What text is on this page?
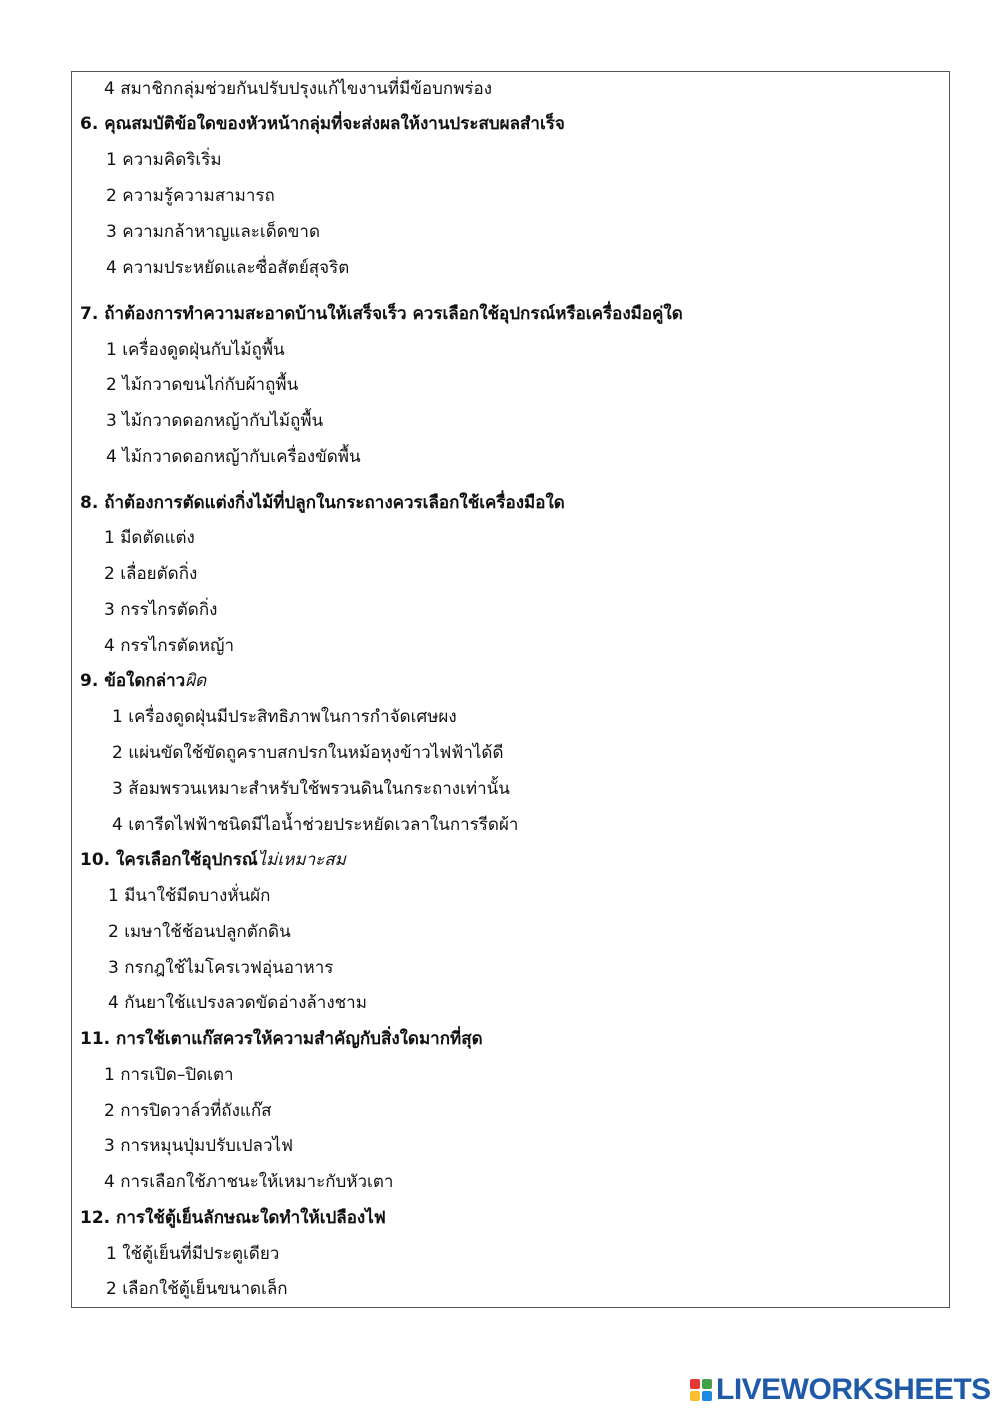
4 สมาชิกกลุ่มช่วยกันปรับปรุงแก้ไขงานที่มีข้อบกพร่อง
6. คุณสมบัติข้อใดของหัวหน้ากลุ่มที่จะส่งผลให้งานประสบผลสำเร็จ
1 ความคิดริเริ่ม
2 ความรู้ความสามารถ
3 ความกล้าหาญและเด็ดขาด
4 ความประหยัดและซื่อสัตย์สุจริต
7. ถ้าต้องการทำความสะอาดบ้านให้เสร็จเร็ว ควรเลือกใช้อุปกรณ์หรือเครื่องมือคู่ใด
1 เครื่องดูดฝุ่นกับไม้ถูพื้น
2 ไม้กวาดขนไก่กับผ้าถูพื้น
3 ไม้กวาดดอกหญ้ากับไม้ถูพื้น
4 ไม้กวาดดอกหญ้ากับเครื่องขัดพื้น
8. ถ้าต้องการตัดแต่งกิ่งไม้ที่ปลูกในกระถางควรเลือกใช้เครื่องมือใด
1 มีดตัดแต่ง
2 เลื่อยตัดกิ่ง
3 กรรไกรตัดกิ่ง
4 กรรไกรตัดหญ้า
9. ข้อใดกล่าวผิด
1 เครื่องดูดฝุ่นมีประสิทธิภาพในการกำจัดเศษผง
2 แผ่นขัดใช้ขัดถูคราบสกปรกในหม้อหุงข้าวไฟฟ้าได้ดี
3 ส้อมพรวนเหมาะสำหรับใช้พรวนดินในกระถางเท่านั้น
4 เตารีดไฟฟ้าชนิดมีไอน้ำช่วยประหยัดเวลาในการรีดผ้า
10. ใครเลือกใช้อุปกรณ์ไม่เหมาะสม
1 มีนาใช้มีดบางหั่นผัก
2 เมษาใช้ช้อนปลูกตักดิน
3 กรกฎใช้ไมโครเวฟอุ่นอาหาร
4 กันยาใช้แปรงลวดขัดอ่างล้างชาม
11. การใช้เตาแก๊สควรให้ความสำคัญกับสิ่งใดมากที่สุด
1 การเปิด–ปิดเตา
2 การปิดวาล์วที่ถังแก๊ส
3 การหมุนปุ่มปรับเปลวไฟ
4 การเลือกใช้ภาชนะให้เหมาะกับหัวเตา
12. การใช้ตู้เย็นลักษณะใดทำให้เปลืองไฟ
1 ใช้ตู้เย็นที่มีประตูเดียว
2 เลือกใช้ตู้เย็นขนาดเล็ก
LIVEWORKSHEETS
